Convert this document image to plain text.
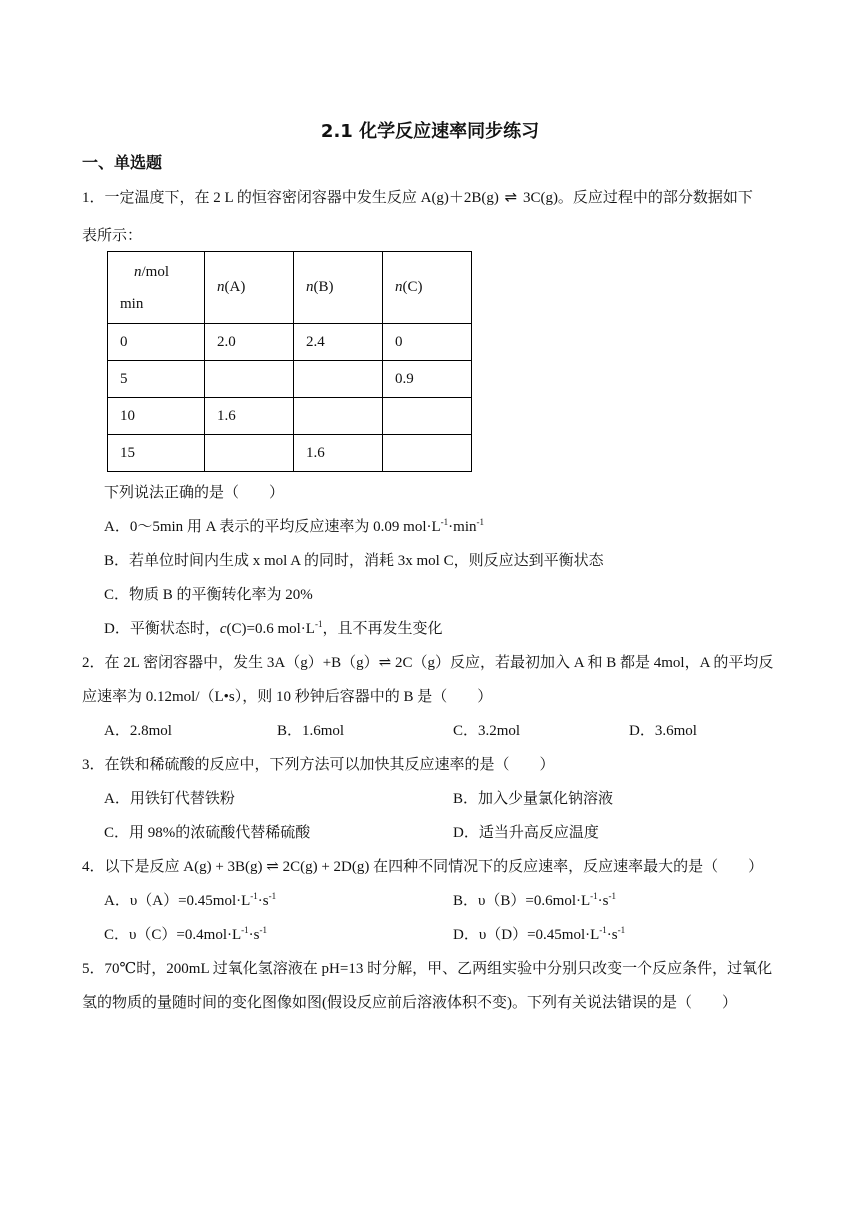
2.1 化学反应速率同步练习
一、单选题
1．一定温度下，在 2 L 的恒容密闭容器中发生反应 A(g)＋2B(g) ⇌ 3C(g)。反应过程中的部分数据如下
表所示：
n/mol
min	n(A)	n(B)	n(C)
0	2.0	2.4	0
5			0.9
10	1.6		
15		1.6	
下列说法正确的是（　　）
A．0～5min 用 A 表示的平均反应速率为 0.09 $mol\cdot L^{-1}\cdot\min^{-1}$
B．若单位时间内生成 x mol A 的同时，消耗 3x mol C，则反应达到平衡状态
C．物质 B 的平衡转化率为 20%
D．平衡状态时，c(C)=0.6 $mol\cdot L^{-1}$，且不再发生变化
2．在 2L 密闭容器中，发生 3A（g）+B（g）⇌ 2C（g）反应，若最初加入 A 和 B 都是 4mol，A 的平均反
应速率为 0.12mol/（L•s），则 10 秒钟后容器中的 B 是（　　）
A．2.8mol	B．1.6mol	C．3.2mol	D．3.6mol
3．在铁和稀硫酸的反应中，下列方法可以加快其反应速率的是（　　）
A．用铁钉代替铁粉	B．加入少量氯化钠溶液
C．用 98%的浓硫酸代替稀硫酸	D．适当升高反应温度
4．以下是反应 A(g) + 3B(g) ⇌ 2C(g) + 2D(g) 在四种不同情况下的反应速率，反应速率最大的是（　　）
A．$\upsilon(A)=0.45mol\cdot L^{-1}\cdot s^{-1}$	B．$\upsilon(B)=0.6mol\cdot L^{-1}\cdot s^{-1}$
C．$\upsilon(C)=0.4mol\cdot L^{-1}\cdot s^{-1}$	D．$\upsilon(D)=0.45mol\cdot L^{-1}\cdot s^{-1}$
5．70℃时，200mL 过氧化氢溶液在 pH=13 时分解，甲、乙两组实验中分别只改变一个反应条件，过氧化
氢的物质的量随时间的变化图像如图(假设反应前后溶液体积不变)。下列有关说法错误的是（　　）
